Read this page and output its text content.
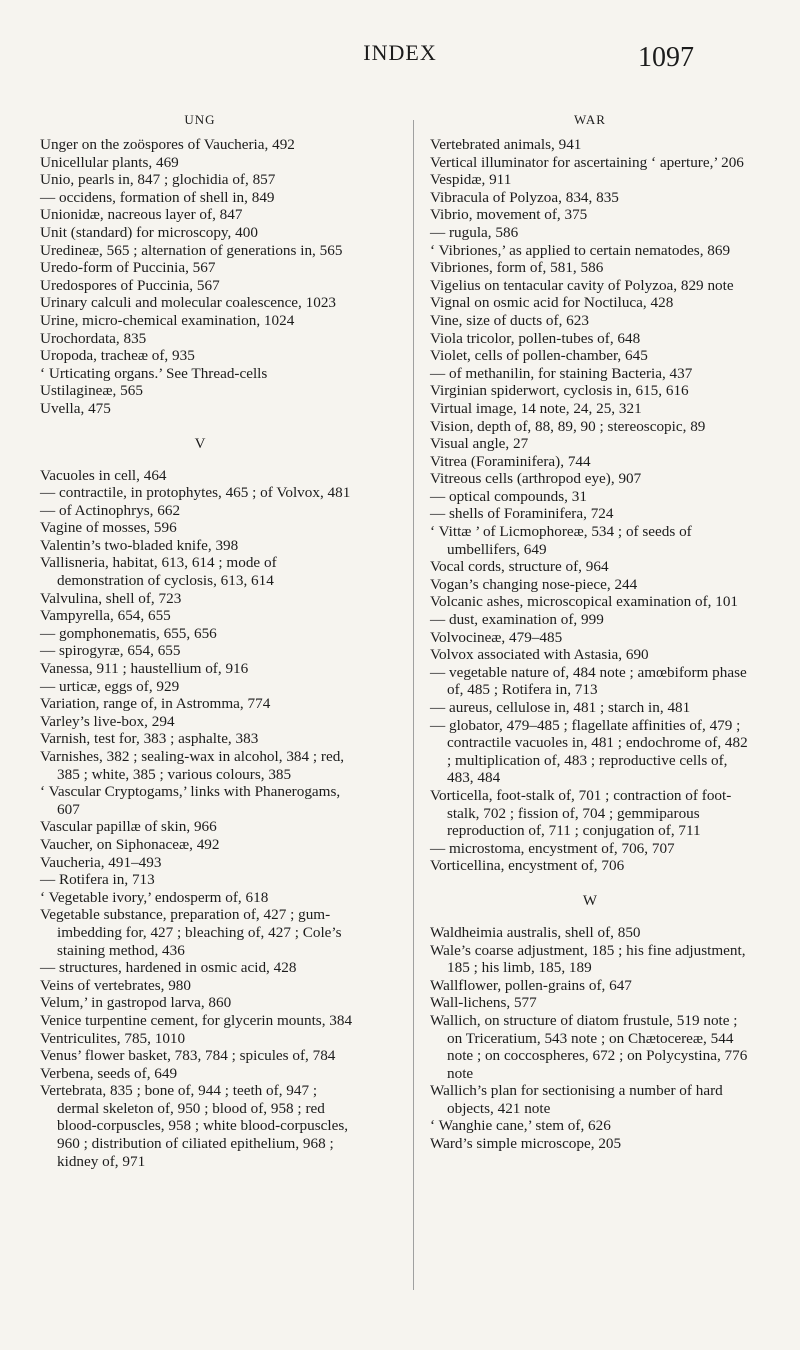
INDEX	1097
UNG
Unger on the zoöspores of Vaucheria, 492
Unicellular plants, 469
Unio, pearls in, 847 ; glochidia of, 857
— occidens, formation of shell in, 849
Unionidæ, nacreous layer of, 847
Unit (standard) for microscopy, 400
Uredineæ, 565 ; alternation of generations in, 565
Uredo-form of Puccinia, 567
Uredospores of Puccinia, 567
Urinary calculi and molecular coalescence, 1023
Urine, micro-chemical examination, 1024
Urochordata, 835
Uropoda, tracheæ of, 935
‘ Urticating organs.’ See Thread-cells
Ustilagineæ, 565
Uvella, 475
V
Vacuoles in cell, 464
— contractile, in protophytes, 465 ; of Volvox, 481
— of Actinophrys, 662
Vagine of mosses, 596
Valentin’s two-bladed knife, 398
Vallisneria, habitat, 613, 614 ; mode of demonstration of cyclosis, 613, 614
Valvulina, shell of, 723
Vampyrella, 654, 655
— gomphonematis, 655, 656
— spirogyræ, 654, 655
Vanessa, 911 ; haustellium of, 916
— urticæ, eggs of, 929
Variation, range of, in Astromma, 774
Varley’s live-box, 294
Varnish, test for, 383 ; asphalte, 383
Varnishes, 382 ; sealing-wax in alcohol, 384 ; red, 385 ; white, 385 ; various colours, 385
‘ Vascular Cryptogams,’ links with Phanerogams, 607
Vascular papillæ of skin, 966
Vaucher, on Siphonaceæ, 492
Vaucheria, 491–493
— Rotifera in, 713
‘ Vegetable ivory,’ endosperm of, 618
Vegetable substance, preparation of, 427 ; gum-imbedding for, 427 ; bleaching of, 427 ; Cole’s staining method, 436
— structures, hardened in osmic acid, 428
Veins of vertebrates, 980
Velum,’ in gastropod larva, 860
Venice turpentine cement, for glycerin mounts, 384
Ventriculites, 785, 1010
Venus’ flower basket, 783, 784 ; spicules of, 784
Verbena, seeds of, 649
Vertebrata, 835 ; bone of, 944 ; teeth of, 947 ; dermal skeleton of, 950 ; blood of, 958 ; red blood-corpuscles, 958 ; white blood-corpuscles, 960 ; distribution of ciliated epithelium, 968 ; kidney of, 971
WAR
Vertebrated animals, 941
Vertical illuminator for ascertaining ‘ aperture,’ 206
Vespidæ, 911
Vibracula of Polyzoa, 834, 835
Vibrio, movement of, 375
— rugula, 586
‘ Vibriones,’ as applied to certain nematodes, 869
Vibriones, form of, 581, 586
Vigelius on tentacular cavity of Polyzoa, 829 note
Vignal on osmic acid for Noctiluca, 428
Vine, size of ducts of, 623
Viola tricolor, pollen-tubes of, 648
Violet, cells of pollen-chamber, 645
— of methanilin, for staining Bacteria, 437
Virginian spiderwort, cyclosis in, 615, 616
Virtual image, 14 note, 24, 25, 321
Vision, depth of, 88, 89, 90 ; stereoscopic, 89
Visual angle, 27
Vitrea (Foraminifera), 744
Vitreous cells (arthropod eye), 907
— optical compounds, 31
— shells of Foraminifera, 724
‘ Vittæ ’ of Licmophoreæ, 534 ; of seeds of umbellifers, 649
Vocal cords, structure of, 964
Vogan’s changing nose-piece, 244
Volcanic ashes, microscopical examination of, 101
— dust, examination of, 999
Volvocineæ, 479–485
Volvox associated with Astasia, 690
— vegetable nature of, 484 note ; amœbiform phase of, 485 ; Rotifera in, 713
— aureus, cellulose in, 481 ; starch in, 481
— globator, 479–485 ; flagellate affinities of, 479 ; contractile vacuoles in, 481 ; endochrome of, 482 ; multiplication of, 483 ; reproductive cells of, 483, 484
Vorticella, foot-stalk of, 701 ; contraction of foot-stalk, 702 ; fission of, 704 ; gemmiparous reproduction of, 711 ; conjugation of, 711
— microstoma, encystment of, 706, 707
Vorticellina, encystment of, 706
W
Waldheimia australis, shell of, 850
Wale’s coarse adjustment, 185 ; his fine adjustment, 185 ; his limb, 185, 189
Wallflower, pollen-grains of, 647
Wall-lichens, 577
Wallich, on structure of diatom frustule, 519 note ; on Triceratium, 543 note ; on Chætocereæ, 544 note ; on coccospheres, 672 ; on Polycystina, 776 note
Wallich’s plan for sectionising a number of hard objects, 421 note
‘ Wanghie cane,’ stem of, 626
Ward’s simple microscope, 205
